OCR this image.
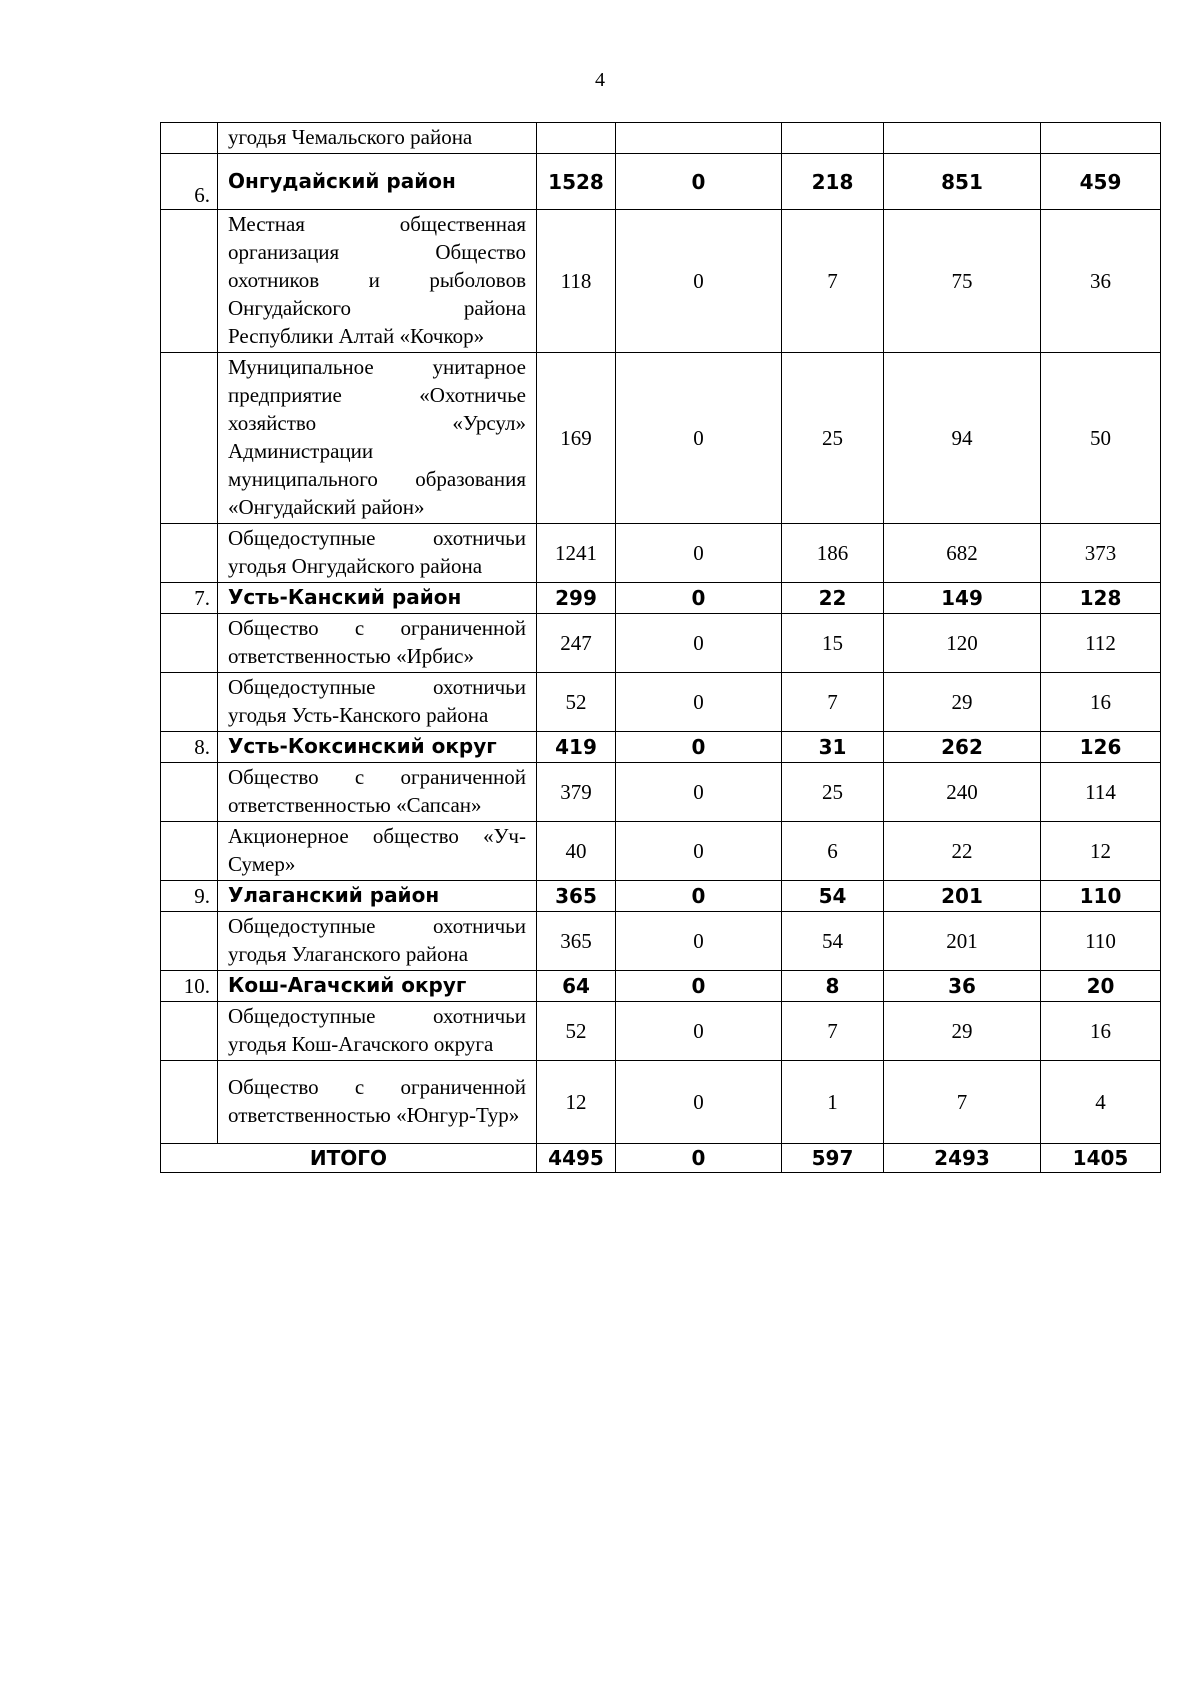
4
	угодья Чемальского района					
6.	Онгудайский район	1528	0	218	851	459
	Местная общественная организация Общество охотников и рыболовов Онгудайского района Республики Алтай «Кочкор»	118	0	7	75	36
	Муниципальное унитарное предприятие «Охотничье хозяйство «Урсул» Администрации муниципального образования «Онгудайский район»	169	0	25	94	50
	Общедоступные охотничьи угодья Онгудайского района	1241	0	186	682	373
7.	Усть-Канский район	299	0	22	149	128
	Общество с ограниченной ответственностью «Ирбис»	247	0	15	120	112
	Общедоступные охотничьи угодья Усть-Канского района	52	0	7	29	16
8.	Усть-Коксинский округ	419	0	31	262	126
	Общество с ограниченной ответственностью «Сапсан»	379	0	25	240	114
	Акционерное общество «Уч-Сумер»	40	0	6	22	12
9.	Улаганский район	365	0	54	201	110
	Общедоступные охотничьи угодья Улаганского района	365	0	54	201	110
10.	Кош-Агачский округ	64	0	8	36	20
	Общедоступные охотничьи угодья Кош-Агачского округа	52	0	7	29	16
	Общество с ограниченной ответственностью «Юнгур-Тур»	12	0	1	7	4
ИТОГО		4495	0	597	2493	1405
